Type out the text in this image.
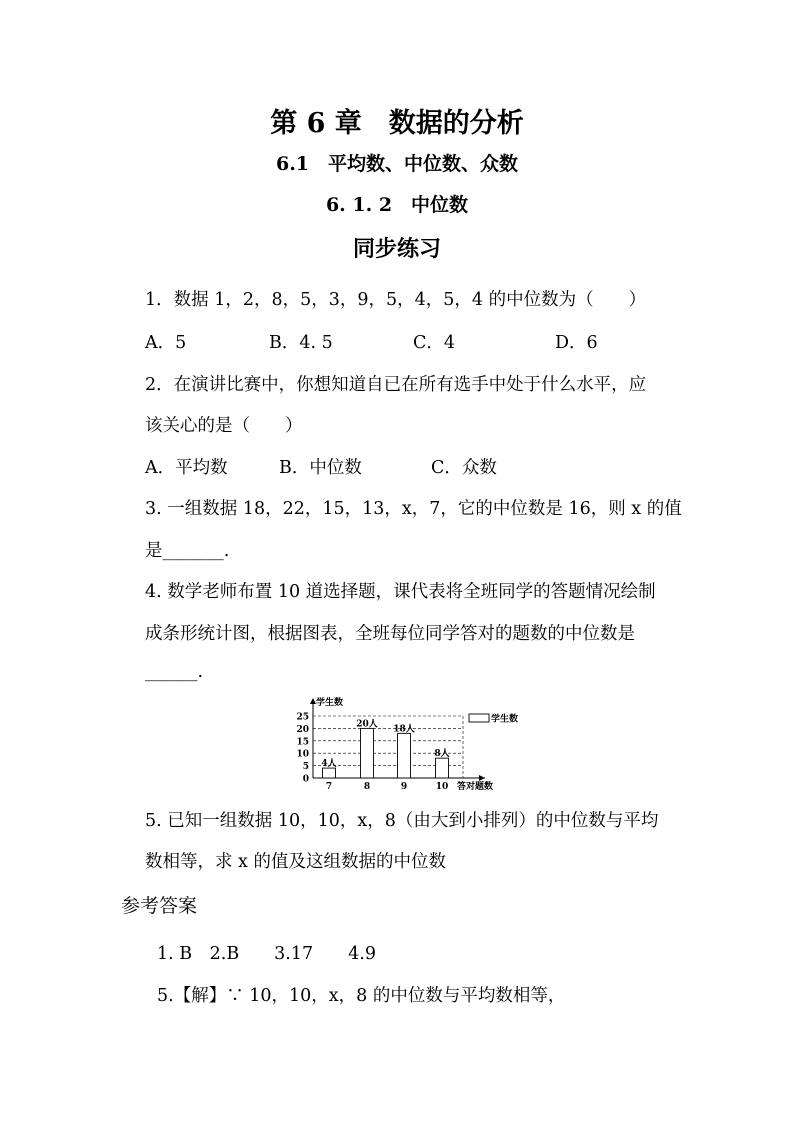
第 6 章　数据的分析
6.1　平均数、中位数、众数
6. 1. 2　中位数
同步练习
1．数据 1，2，8，5，3，9，5，4，5，4 的中位数为（　　）
A．5	B．4. 5	C．4	D．6
2．在演讲比赛中，你想知道自已在所有选手中处于什么水平，应
该关心的是（　　）
A．平均数	B．中位数	C．众数
3. 一组数据 18，22，15，13，x，7，它的中位数是 16，则 x 的值
是_______.
4. 数学老师布置 10 道选择题，课代表将全班同学的答题情况绘制
成条形统计图，根据图表，全班每位同学答对的题数的中位数是
______.
0
5
10
15
20
25
学生数
4人
7
20人
8
18人
9
8人
10 答对题数
学生数
5. 已知一组数据 10，10，x，8（由大到小排列）的中位数与平均
数相等，求 x 的值及这组数据的中位数
参考答案
1. B　2.B　　3.17　　4.9
5.【解】∵ 10，10，x，8 的中位数与平均数相等，
